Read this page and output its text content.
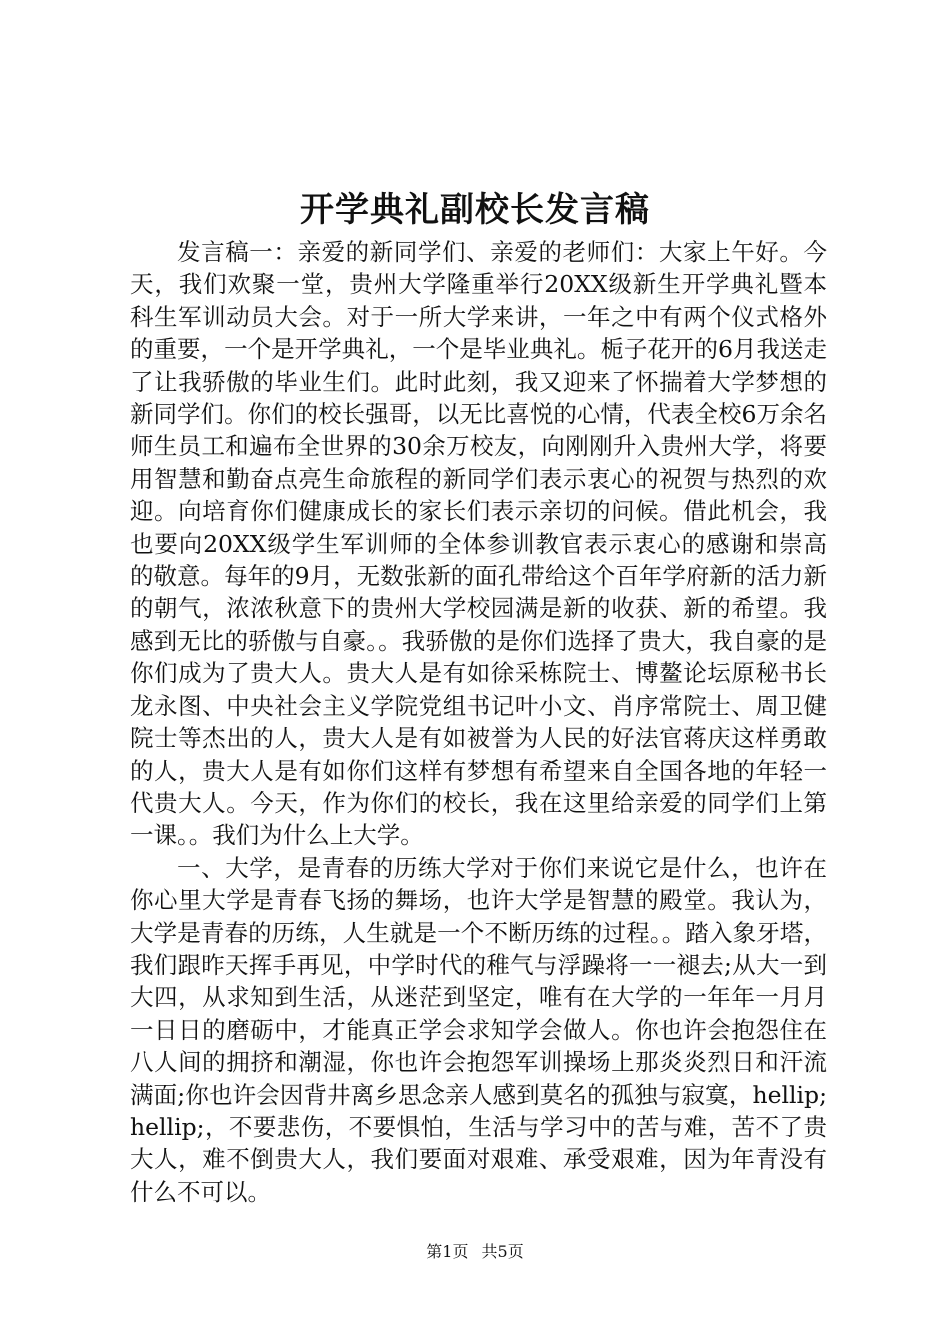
开学典礼副校长发言稿

发言稿一：亲爱的新同学们、亲爱的老师们：大家上午好。今天，我们欢聚一堂，贵州大学隆重举行20XX级新生开学典礼暨本科生军训动员大会。对于一所大学来讲，一年之中有两个仪式格外的重要，一个是开学典礼，一个是毕业典礼。栀子花开的6月我送走了让我骄傲的毕业生们。此时此刻，我又迎来了怀揣着大学梦想的新同学们。你们的校长强哥，以无比喜悦的心情，代表全校6万余名师生员工和遍布全世界的30余万校友，向刚刚升入贵州大学，将要用智慧和勤奋点亮生命旅程的新同学们表示衷心的祝贺与热烈的欢迎。向培育你们健康成长的家长们表示亲切的问候。借此机会，我也要向20XX级学生军训师的全体参训教官表示衷心的感谢和崇高的敬意。每年的9月，无数张新的面孔带给这个百年学府新的活力新的朝气，浓浓秋意下的贵州大学校园满是新的收获、新的希望。我感到无比的骄傲与自豪。。我骄傲的是你们选择了贵大，我自豪的是你们成为了贵大人。贵大人是有如徐采栋院士、博鳌论坛原秘书长龙永图、中央社会主义学院党组书记叶小文、肖序常院士、周卫健院士等杰出的人，贵大人是有如被誉为人民的好法官蒋庆这样勇敢的人，贵大人是有如你们这样有梦想有希望来自全国各地的年轻一代贵大人。今天，作为你们的校长，我在这里给亲爱的同学们上第一课。。我们为什么上大学。

一、大学，是青春的历练大学对于你们来说它是什么，也许在你心里大学是青春飞扬的舞场，也许大学是智慧的殿堂。我认为，大学是青春的历练，人生就是一个不断历练的过程。。踏入象牙塔，我们跟昨天挥手再见，中学时代的稚气与浮躁将一一褪去;从大一到大四，从求知到生活，从迷茫到坚定，唯有在大学的一年年一月月一日日的磨砺中，才能真正学会求知学会做人。你也许会抱怨住在八人间的拥挤和潮湿，你也许会抱怨军训操场上那炎炎烈日和汗流满面;你也许会因背井离乡思念亲人感到莫名的孤独与寂寞，hellip;hellip;，不要悲伤，不要惧怕，生活与学习中的苦与难，苦不了贵大人，难不倒贵大人，我们要面对艰难、承受艰难，因为年青没有什么不可以。

第1页 共5页
